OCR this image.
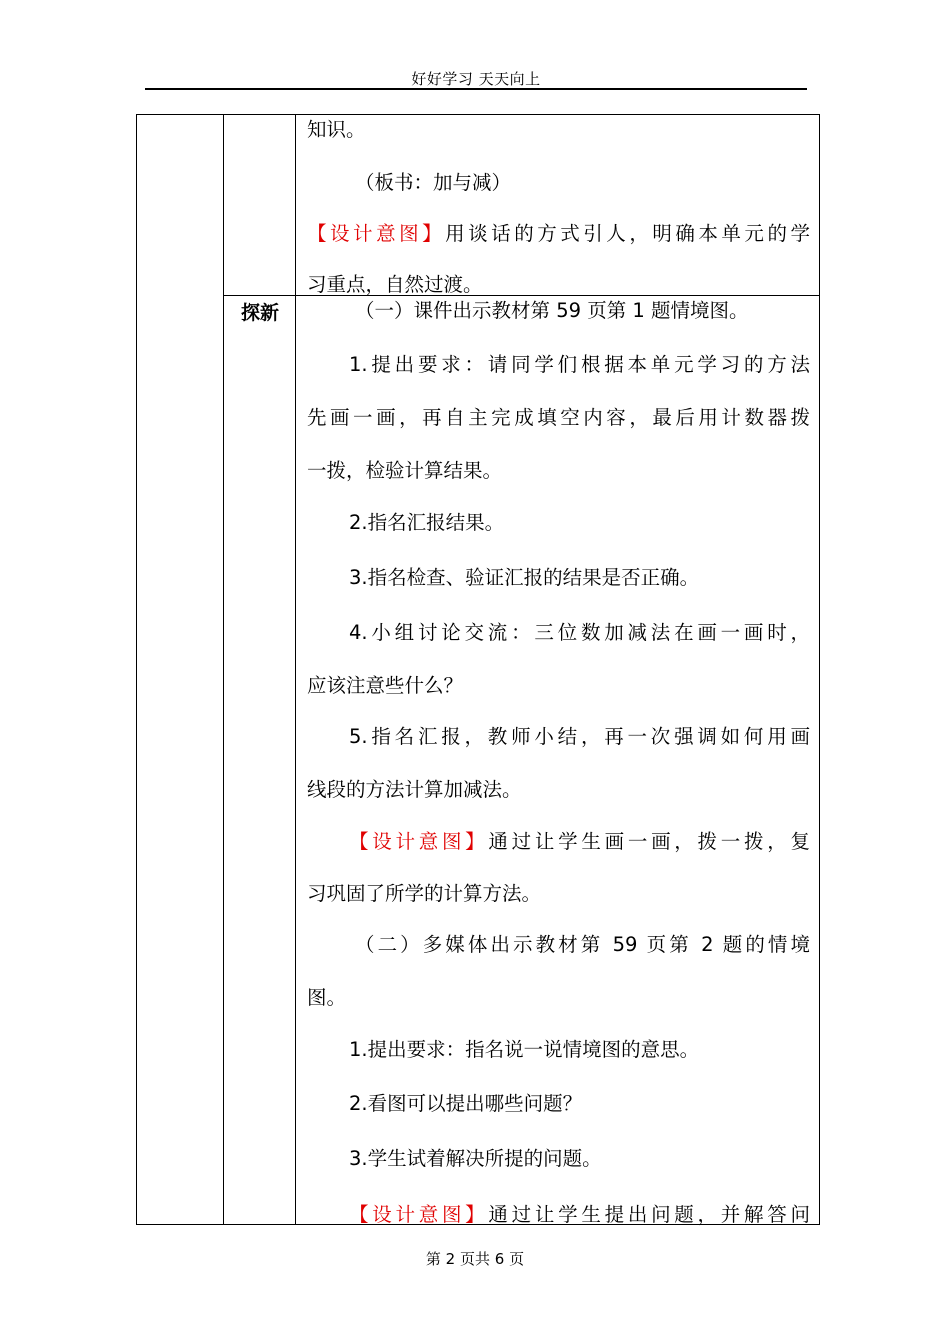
好好学习 天天向上
探新
知识。
（板书：加与减）
【设计意图】用谈话的方式引人，明确本单元的学
习重点，自然过渡。
（一）课件出示教材第 59 页第 1 题情境图。
1.提出要求：请同学们根据本单元学习的方法
先画一画，再自主完成填空内容，最后用计数器拨
一拨，检验计算结果。
2.指名汇报结果。
3.指名检查、验证汇报的结果是否正确。
4.小组讨论交流：三位数加减法在画一画时，
应该注意些什么？
5.指名汇报，教师小结，再一次强调如何用画
线段的方法计算加减法。
【设计意图】通过让学生画一画，拨一拨，复
习巩固了所学的计算方法。
（二）多媒体出示教材第 59 页第 2 题的情境
图。
1.提出要求：指名说一说情境图的意思。
2.看图可以提出哪些问题？
3.学生试着解决所提的问题。
【设计意图】通过让学生提出问题，并解答问
第 2 页共 6 页
